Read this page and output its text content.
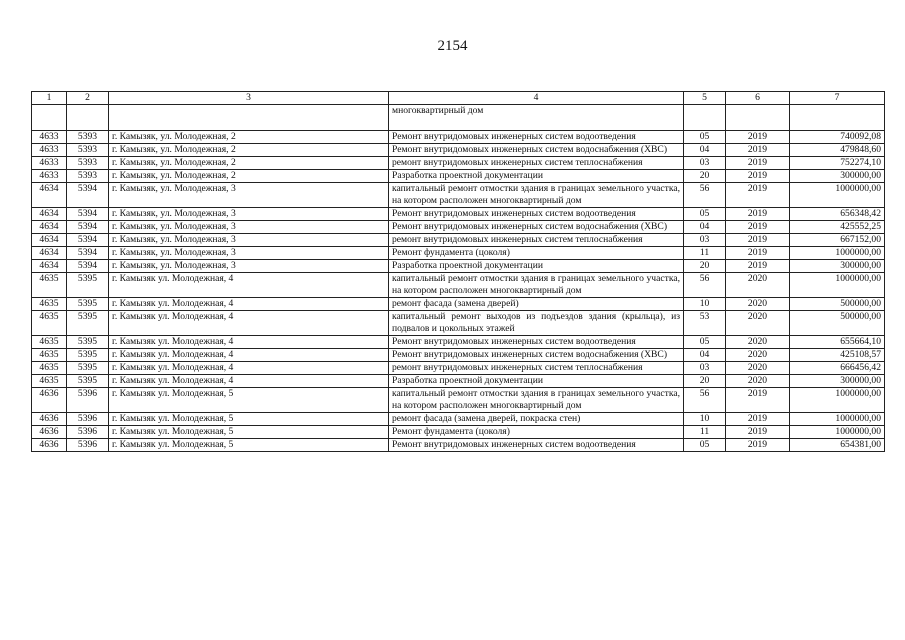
2154
1	2	3	4	5	6	7
			многоквартирный дом			
4633	5393	г. Камызяк, ул. Молодежная, 2	Ремонт внутридомовых инженерных систем водоотведения	05	2019	740092,08
4633	5393	г. Камызяк, ул. Молодежная, 2	Ремонт внутридомовых инженерных систем водоснабжения (ХВС)	04	2019	479848,60
4633	5393	г. Камызяк, ул. Молодежная, 2	ремонт внутридомовых инженерных систем теплоснабжения	03	2019	752274,10
4633	5393	г. Камызяк, ул. Молодежная, 2	Разработка проектной документации	20	2019	300000,00
4634	5394	г. Камызяк, ул. Молодежная, 3	капитальный ремонт отмостки здания в границах земельного участка, на котором расположен многоквартирный дом	56	2019	1000000,00
4634	5394	г. Камызяк, ул. Молодежная, 3	Ремонт внутридомовых инженерных систем водоотведения	05	2019	656348,42
4634	5394	г. Камызяк, ул. Молодежная, 3	Ремонт внутридомовых инженерных систем водоснабжения (ХВС)	04	2019	425552,25
4634	5394	г. Камызяк, ул. Молодежная, 3	ремонт внутридомовых инженерных систем теплоснабжения	03	2019	667152,00
4634	5394	г. Камызяк, ул. Молодежная, 3	Ремонт фундамента (цоколя)	11	2019	1000000,00
4634	5394	г. Камызяк, ул. Молодежная, 3	Разработка проектной документации	20	2019	300000,00
4635	5395	г. Камызяк ул. Молодежная, 4	капитальный ремонт отмостки здания в границах земельного участка, на котором расположен многоквартирный дом	56	2020	1000000,00
4635	5395	г. Камызяк ул. Молодежная, 4	ремонт фасада (замена дверей)	10	2020	500000,00
4635	5395	г. Камызяк ул. Молодежная, 4	капитальный ремонт выходов из подъездов здания (крыльца), из подвалов и цокольных этажей	53	2020	500000,00
4635	5395	г. Камызяк ул. Молодежная, 4	Ремонт внутридомовых инженерных систем водоотведения	05	2020	655664,10
4635	5395	г. Камызяк ул. Молодежная, 4	Ремонт внутридомовых инженерных систем водоснабжения (ХВС)	04	2020	425108,57
4635	5395	г. Камызяк ул. Молодежная, 4	ремонт внутридомовых инженерных систем теплоснабжения	03	2020	666456,42
4635	5395	г. Камызяк ул. Молодежная, 4	Разработка проектной документации	20	2020	300000,00
4636	5396	г. Камызяк ул. Молодежная, 5	капитальный ремонт отмостки здания в границах земельного участка, на котором расположен многоквартирный дом	56	2019	1000000,00
4636	5396	г. Камызяк ул. Молодежная, 5	ремонт фасада (замена дверей, покраска стен)	10	2019	1000000,00
4636	5396	г. Камызяк ул. Молодежная, 5	Ремонт фундамента (цоколя)	11	2019	1000000,00
4636	5396	г. Камызяк ул. Молодежная, 5	Ремонт внутридомовых инженерных систем водоотведения	05	2019	654381,00
